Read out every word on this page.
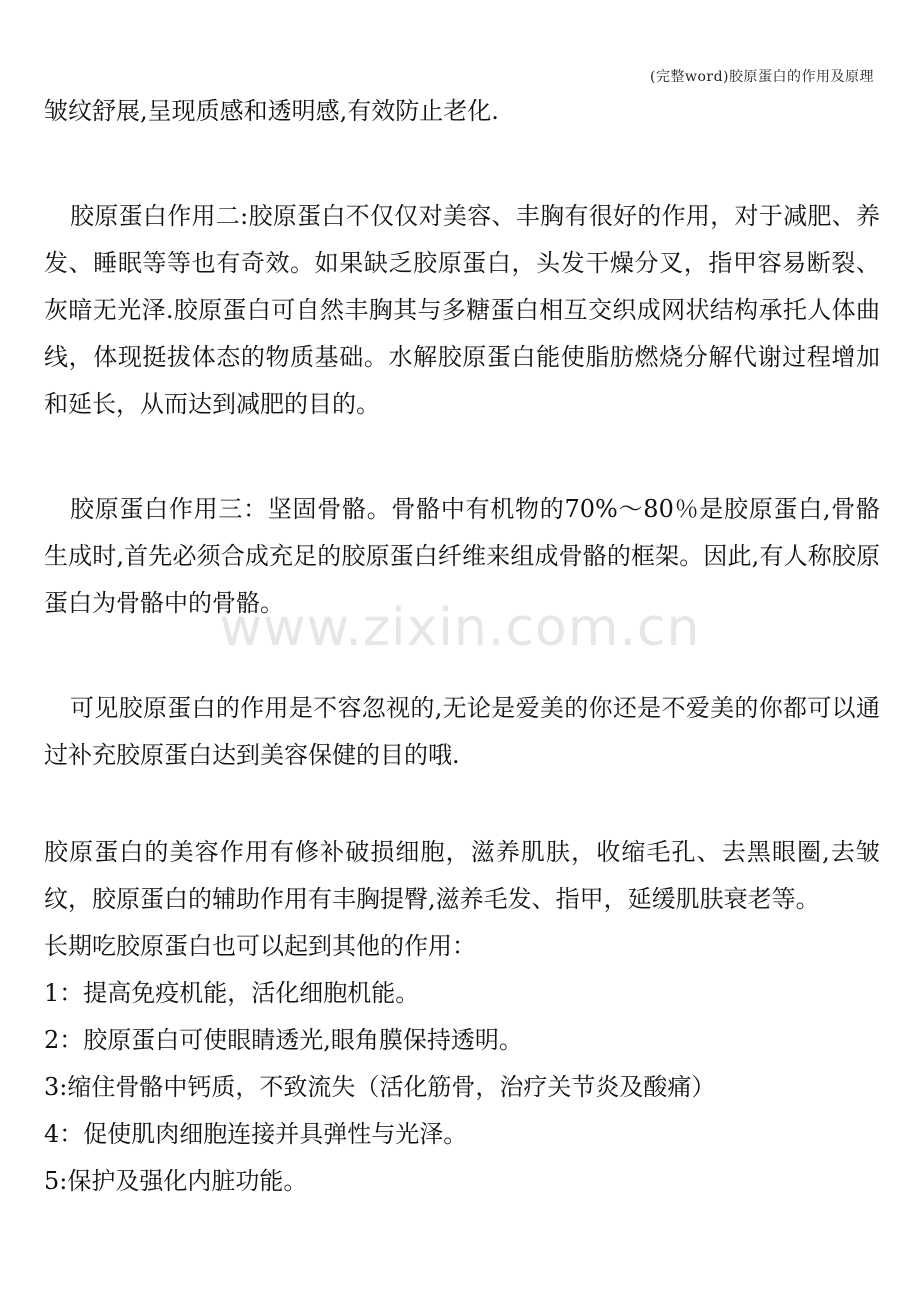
(完整word)胶原蛋白的作用及原理
www.zixin.com.cn

皱纹舒展,呈现质感和透明感,有效防止老化.

胶原蛋白作用二:胶原蛋白不仅仅对美容、丰胸有很好的作用，对于减肥、养发、睡眠等等也有奇效。如果缺乏胶原蛋白，头发干燥分叉，指甲容易断裂、灰暗无光泽.胶原蛋白可自然丰胸其与多糖蛋白相互交织成网状结构承托人体曲线，体现挺拔体态的物质基础。水解胶原蛋白能使脂肪燃烧分解代谢过程增加和延长，从而达到减肥的目的。

胶原蛋白作用三：坚固骨骼。骨骼中有机物的70%～80％是胶原蛋白,骨骼生成时,首先必须合成充足的胶原蛋白纤维来组成骨骼的框架。因此,有人称胶原蛋白为骨骼中的骨骼。

可见胶原蛋白的作用是不容忽视的,无论是爱美的你还是不爱美的你都可以通过补充胶原蛋白达到美容保健的目的哦.

胶原蛋白的美容作用有修补破损细胞，滋养肌肤，收缩毛孔、去黑眼圈,去皱纹，胶原蛋白的辅助作用有丰胸提臀,滋养毛发、指甲，延缓肌肤衰老等。

长期吃胶原蛋白也可以起到其他的作用：

1：提高免疫机能，活化细胞机能。

2：胶原蛋白可使眼睛透光,眼角膜保持透明。

3:缩住骨骼中钙质，不致流失（活化筋骨，治疗关节炎及酸痛）

4：促使肌肉细胞连接并具弹性与光泽。

5:保护及强化内脏功能。
